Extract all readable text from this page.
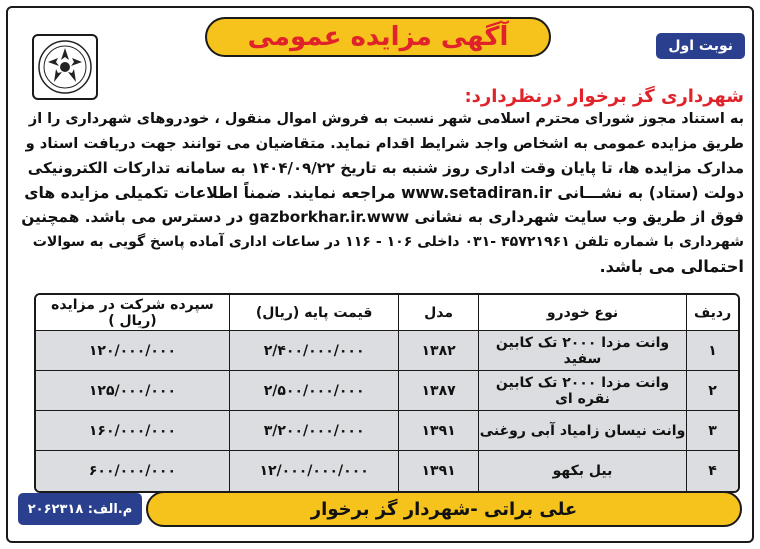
آگهی مزایده عمومی	نوبت اول
شهرداری گز برخوار درنظردارد:
به استناد مجوز شورای محترم اسلامی شهر نسبت به فروش اموال منقول ، خودروهای شهرداری را از
طریق مزایده عمومی به اشخاص واجد شرایط اقدام نماید. متقاضیان می توانند جهت دریافت اسناد و
مدارک مزایده ها، تا پایان وقت اداری روز شنبه به تاریخ ۱۴۰۴/۰۹/۲۲ به سامانه تدارکات الکترونیکی
دولت (ستاد) به نشـــانی www.setadiran.ir مراجعه نمایند. ضمناً اطلاعات تکمیلی مزایده های
فوق از طریق وب سایت شهرداری به نشانی gazborkhar.ir.www در دسترس می باشد. همچنین
شهرداری با شماره تلفن ۴۵۷۲۱۹۶۱ -۰۳۱ داخلی ۱۰۶ - ۱۱۶ در ساعات اداری آماده پاسخ گویی به سوالات
احتمالی می باشد.
ردیف	نوع خودرو	مدل	قیمت پایه (ریال)	سپرده شرکت در مزایده (ریال )
۱	وانت مزدا ۲۰۰۰ تک کابین سفید	۱۳۸۲	۲/۴۰۰/۰۰۰/۰۰۰	۱۲۰/۰۰۰/۰۰۰
۲	وانت مزدا ۲۰۰۰ تک کابین نقره ای	۱۳۸۷	۲/۵۰۰/۰۰۰/۰۰۰	۱۲۵/۰۰۰/۰۰۰
۳	وانت نیسان زامیاد آبی روغنی	۱۳۹۱	۳/۲۰۰/۰۰۰/۰۰۰	۱۶۰/۰۰۰/۰۰۰
۴	بیل بکهو	۱۳۹۱	۱۲/۰۰۰/۰۰۰/۰۰۰	۶۰۰/۰۰۰/۰۰۰
علی براتی -شهردار گز برخوار
م.الف: ۲۰۶۲۳۱۸
